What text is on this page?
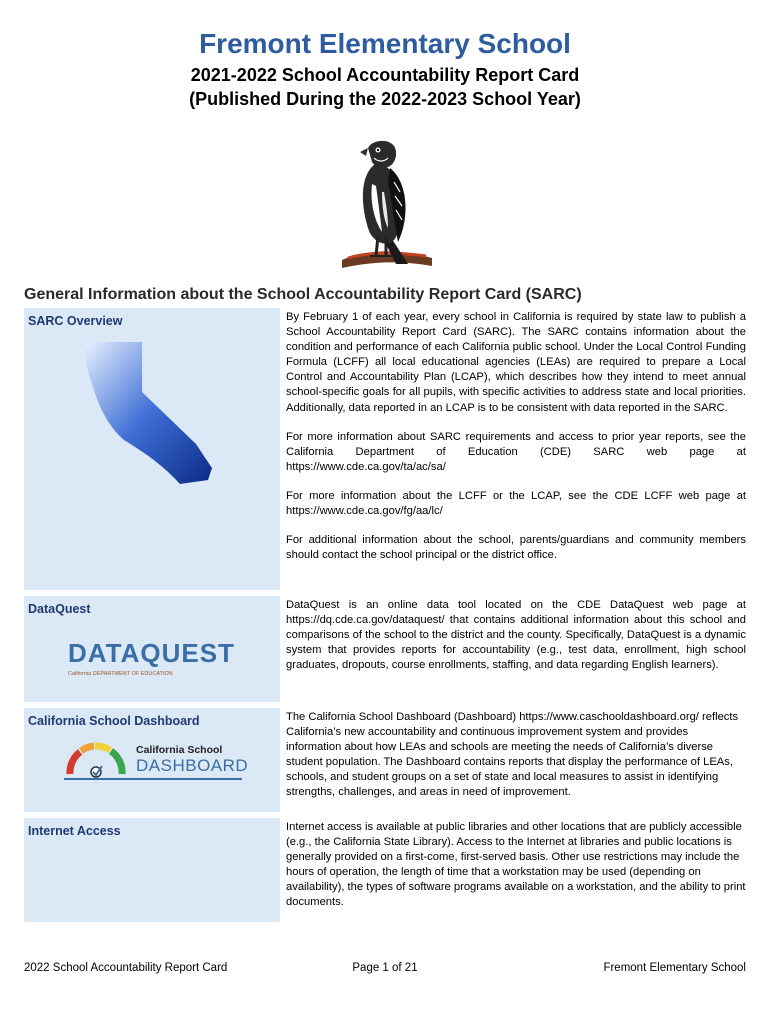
Fremont Elementary School
2021-2022 School Accountability Report Card
(Published During the 2022-2023 School Year)
General Information about the School Accountability Report Card (SARC)
SARC Overview	By February 1 of each year, every school in California is required by state law to publish a School Accountability Report Card (SARC). The SARC contains information about the condition and performance of each California public school. Under the Local Control Funding Formula (LCFF) all local educational agencies (LEAs) are required to prepare a Local Control and Accountability Plan (LCAP), which describes how they intend to meet annual school-specific goals for all pupils, with specific activities to address state and local priorities. Additionally, data reported in an LCAP is to be consistent with data reported in the SARC.

For more information about SARC requirements and access to prior year reports, see the California Department of Education (CDE) SARC web page at https://www.cde.ca.gov/ta/ac/sa/

For more information about the LCFF or the LCAP, see the CDE LCFF web page at https://www.cde.ca.gov/fg/aa/lc/

For additional information about the school, parents/guardians and community members should contact the school principal or the district office.

DataQuest
DATAQUEST
California DEPARTMENT OF EDUCATION

DataQuest is an online data tool located on the CDE DataQuest web page at https://dq.cde.ca.gov/dataquest/ that contains additional information about this school and comparisons of the school to the district and the county. Specifically, DataQuest is a dynamic system that provides reports for accountability (e.g., test data, enrollment, high school graduates, dropouts, course enrollments, staffing, and data regarding English learners).

California School Dashboard
California School
DASHBOARD

The California School Dashboard (Dashboard) https://www.caschooldashboard.org/ reflects California’s new accountability and continuous improvement system and provides information about how LEAs and schools are meeting the needs of California’s diverse student population. The Dashboard contains reports that display the performance of LEAs, schools, and student groups on a set of state and local measures to assist in identifying strengths, challenges, and areas in need of improvement.

Internet Access	Internet access is available at public libraries and other locations that are publicly accessible (e.g., the California State Library). Access to the Internet at libraries and public locations is generally provided on a first-come, first-served basis. Other use restrictions may include the hours of operation, the length of time that a workstation may be used (depending on availability), the types of software programs available on a workstation, and the ability to print documents.

2022 School Accountability Report Card	Page 1 of 21	Fremont Elementary School
